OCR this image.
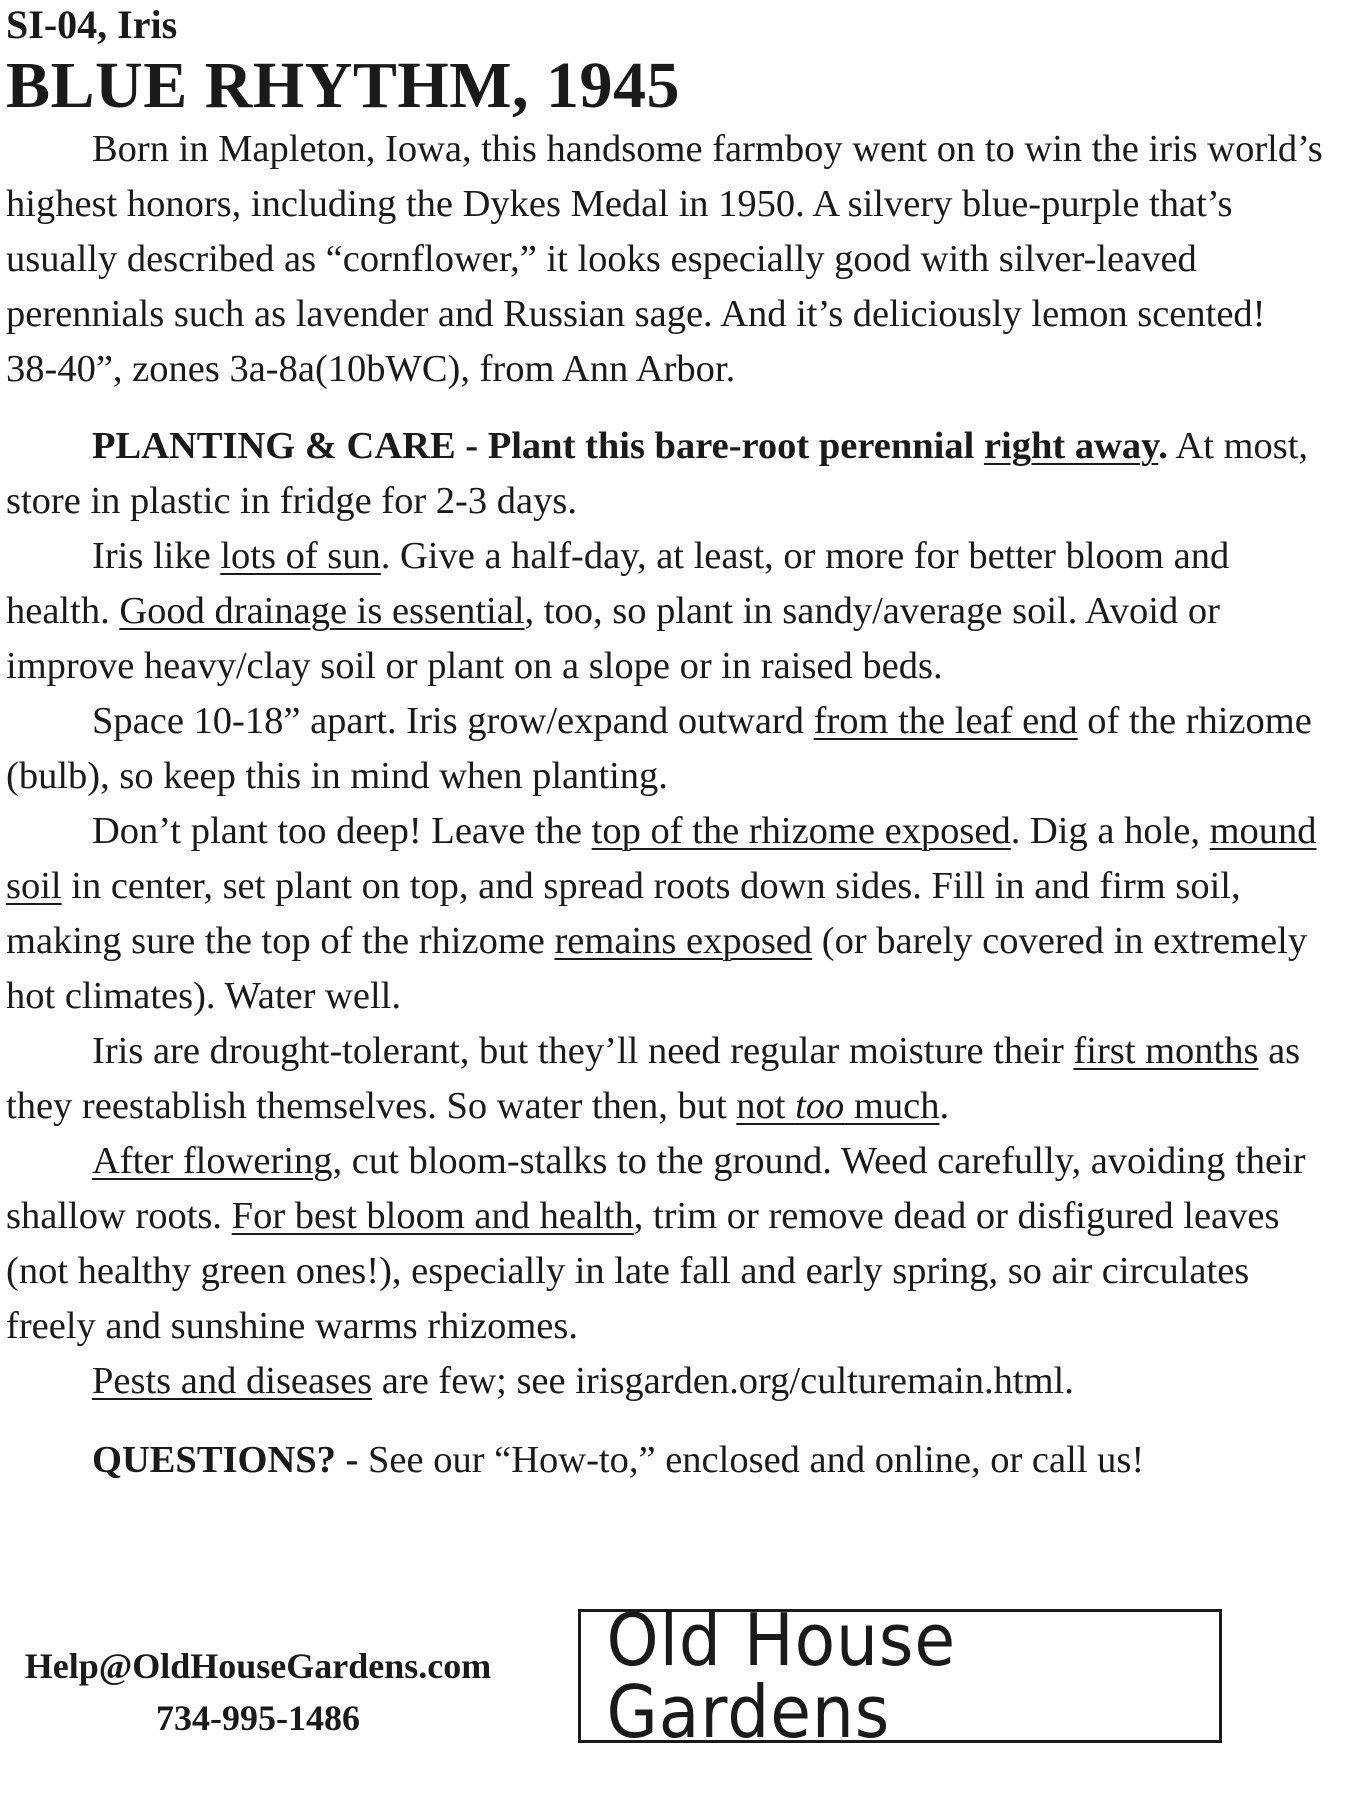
SI-04, Iris
BLUE RHYTHM, 1945

Born in Mapleton, Iowa, this handsome farmboy went on to win the iris world’s highest honors, including the Dykes Medal in 1950. A silvery blue-purple that’s usually described as “cornflower,” it looks especially good with silver-leaved perennials such as lavender and Russian sage. And it’s deliciously lemon scented! 38-40”, zones 3a-8a(10bWC), from Ann Arbor.

PLANTING & CARE - Plant this bare-root perennial right away. At most, store in plastic in fridge for 2-3 days.

Iris like lots of sun. Give a half-day, at least, or more for better bloom and health. Good drainage is essential, too, so plant in sandy/average soil. Avoid or improve heavy/clay soil or plant on a slope or in raised beds.

Space 10-18” apart. Iris grow/expand outward from the leaf end of the rhizome (bulb), so keep this in mind when planting.

Don’t plant too deep! Leave the top of the rhizome exposed. Dig a hole, mound soil in center, set plant on top, and spread roots down sides. Fill in and firm soil, making sure the top of the rhizome remains exposed (or barely covered in extremely hot climates). Water well.

Iris are drought-tolerant, but they’ll need regular moisture their first months as they reestablish themselves. So water then, but not too much.

After flowering, cut bloom-stalks to the ground. Weed carefully, avoiding their shallow roots. For best bloom and health, trim or remove dead or disfigured leaves (not healthy green ones!), especially in late fall and early spring, so air circulates freely and sunshine warms rhizomes.

Pests and diseases are few; see irisgarden.org/culturemain.html.

QUESTIONS? - See our “How-to,” enclosed and online, or call us!

Help@OldHouseGardens.com
734-995-1486
Old House Gardens
